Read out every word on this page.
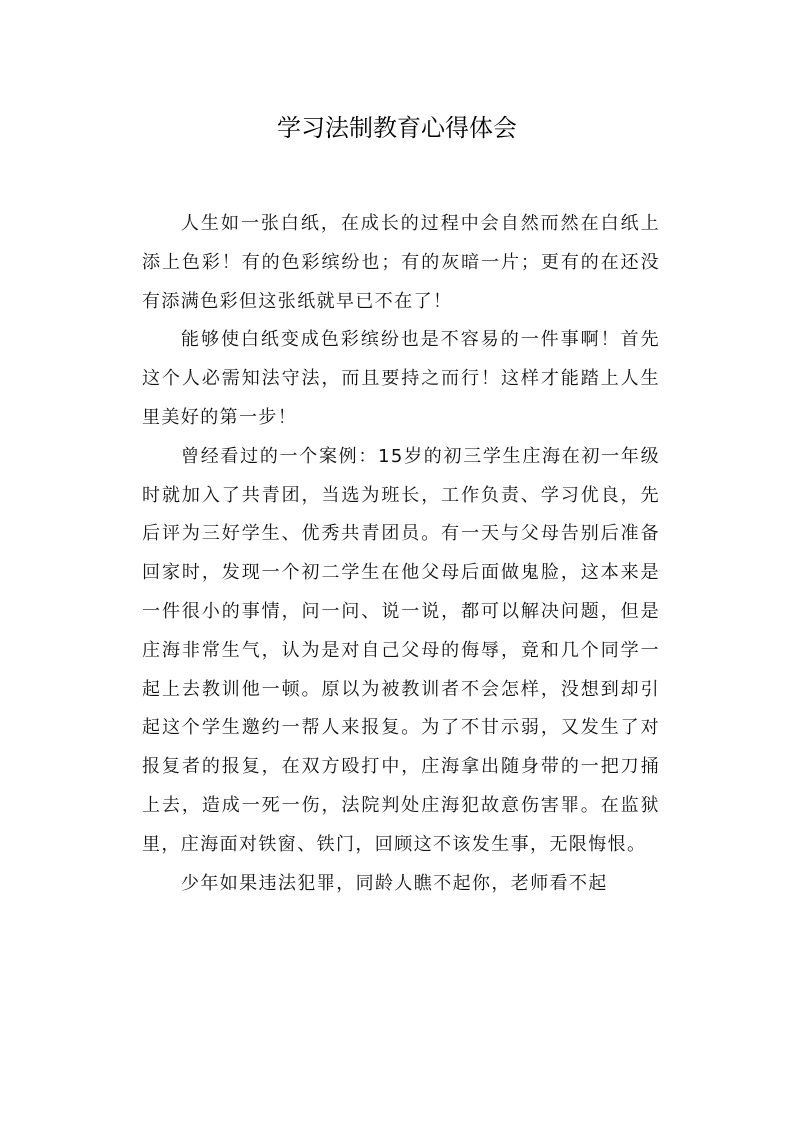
学习法制教育心得体会

人生如一张白纸，在成长的过程中会自然而然在白纸上添上色彩！有的色彩缤纷也；有的灰暗一片；更有的在还没有添满色彩但这张纸就早已不在了！

能够使白纸变成色彩缤纷也是不容易的一件事啊！首先这个人必需知法守法，而且要持之而行！这样才能踏上人生里美好的第一步！

曾经看过的一个案例：15岁的初三学生庄海在初一年级时就加入了共青团，当选为班长，工作负责、学习优良，先后评为三好学生、优秀共青团员。有一天与父母告别后准备回家时，发现一个初二学生在他父母后面做鬼脸，这本来是一件很小的事情，问一问、说一说，都可以解决问题，但是庄海非常生气，认为是对自己父母的侮辱，竟和几个同学一起上去教训他一顿。原以为被教训者不会怎样，没想到却引起这个学生邀约一帮人来报复。为了不甘示弱，又发生了对报复者的报复，在双方殴打中，庄海拿出随身带的一把刀捅上去，造成一死一伤，法院判处庄海犯故意伤害罪。在监狱里，庄海面对铁窗、铁门，回顾这不该发生事，无限悔恨。

少年如果违法犯罪，同龄人瞧不起你，老师看不起
